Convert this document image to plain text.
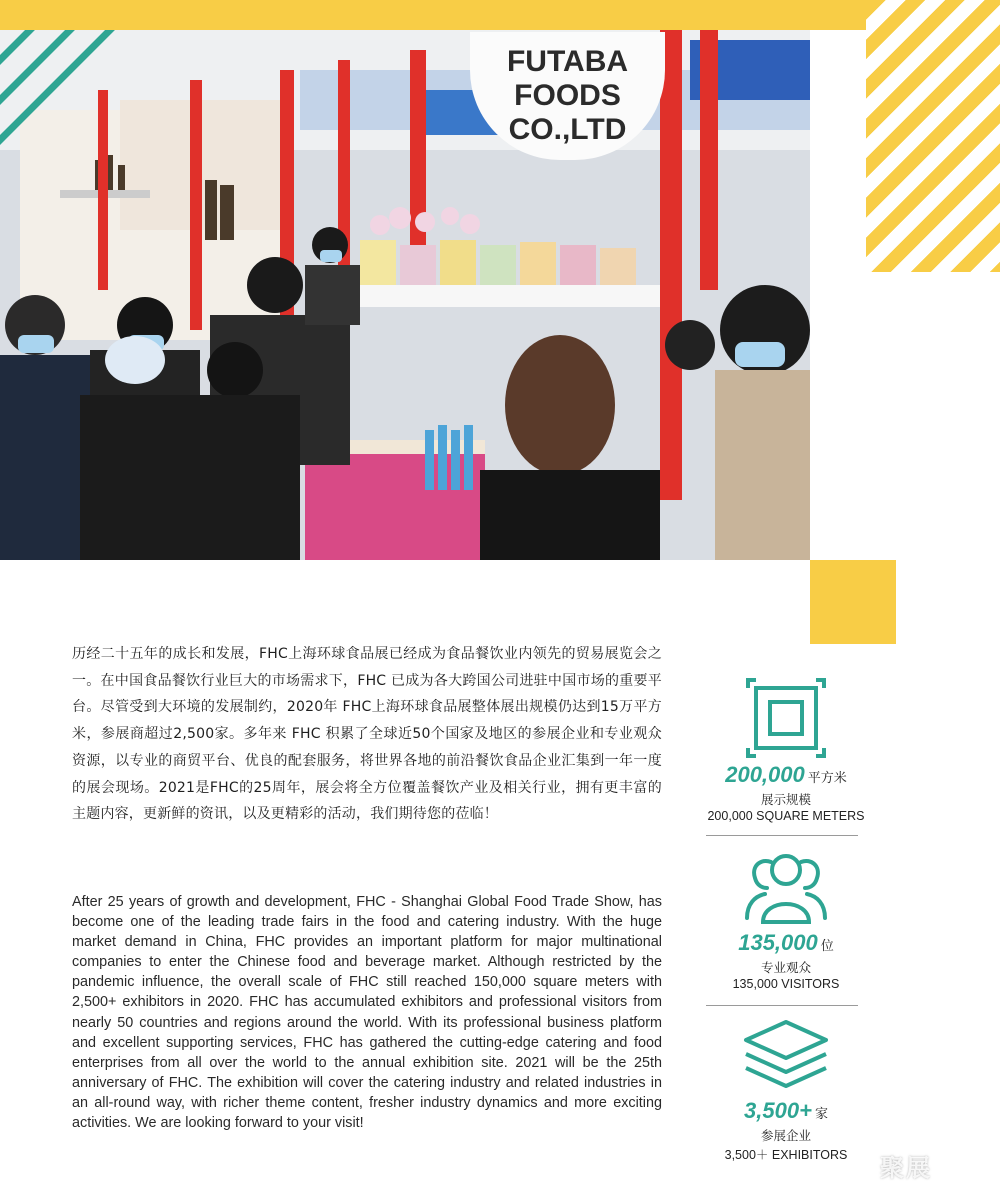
FUTABA FOODS
CO.,LTD
历经二十五年的成长和发展，FHC上海环球食品展已经成为食品餐饮业内领先的贸易展览会之一。在中国食品餐饮行业巨大的市场需求下，FHC 已成为各大跨国公司进驻中国市场的重要平台。尽管受到大环境的发展制约，2020年 FHC上海环球食品展整体展出规模仍达到15万平方米，参展商超过2,500家。多年来 FHC 积累了全球近50个国家及地区的参展企业和专业观众资源，以专业的商贸平台、优良的配套服务，将世界各地的前沿餐饮食品企业汇集到一年一度的展会现场。2021是FHC的25周年，展会将全方位覆盖餐饮产业及相关行业，拥有更丰富的主题内容，更新鲜的资讯，以及更精彩的活动，我们期待您的莅临！
After 25 years of growth and development, FHC - Shanghai Global Food Trade Show, has become one of the leading trade fairs in the food and catering industry. With the huge market demand in China, FHC provides an important platform for major multinational companies to enter the Chinese food and beverage market. Although restricted by the pandemic influence, the overall scale of FHC still reached 150,000 square meters with 2,500+ exhibitors in 2020. FHC has accumulated exhibitors and professional visitors from nearly 50 countries and regions around the world. With its professional business platform and excellent supporting services, FHC has gathered the cutting-edge catering and food enterprises from all over the world to the annual exhibition site. 2021 will be the 25th anniversary of FHC. The exhibition will cover the catering industry and related industries in an all-round way, with richer theme content, fresher industry dynamics and more exciting activities. We are looking forward to your visit!
200,000 平方米
展示规模
200,000 SQUARE METERS
135,000 位
专业观众
135,000 VISITORS
3,500+ 家
参展企业
3,500＋ EXHIBITORS	聚展
